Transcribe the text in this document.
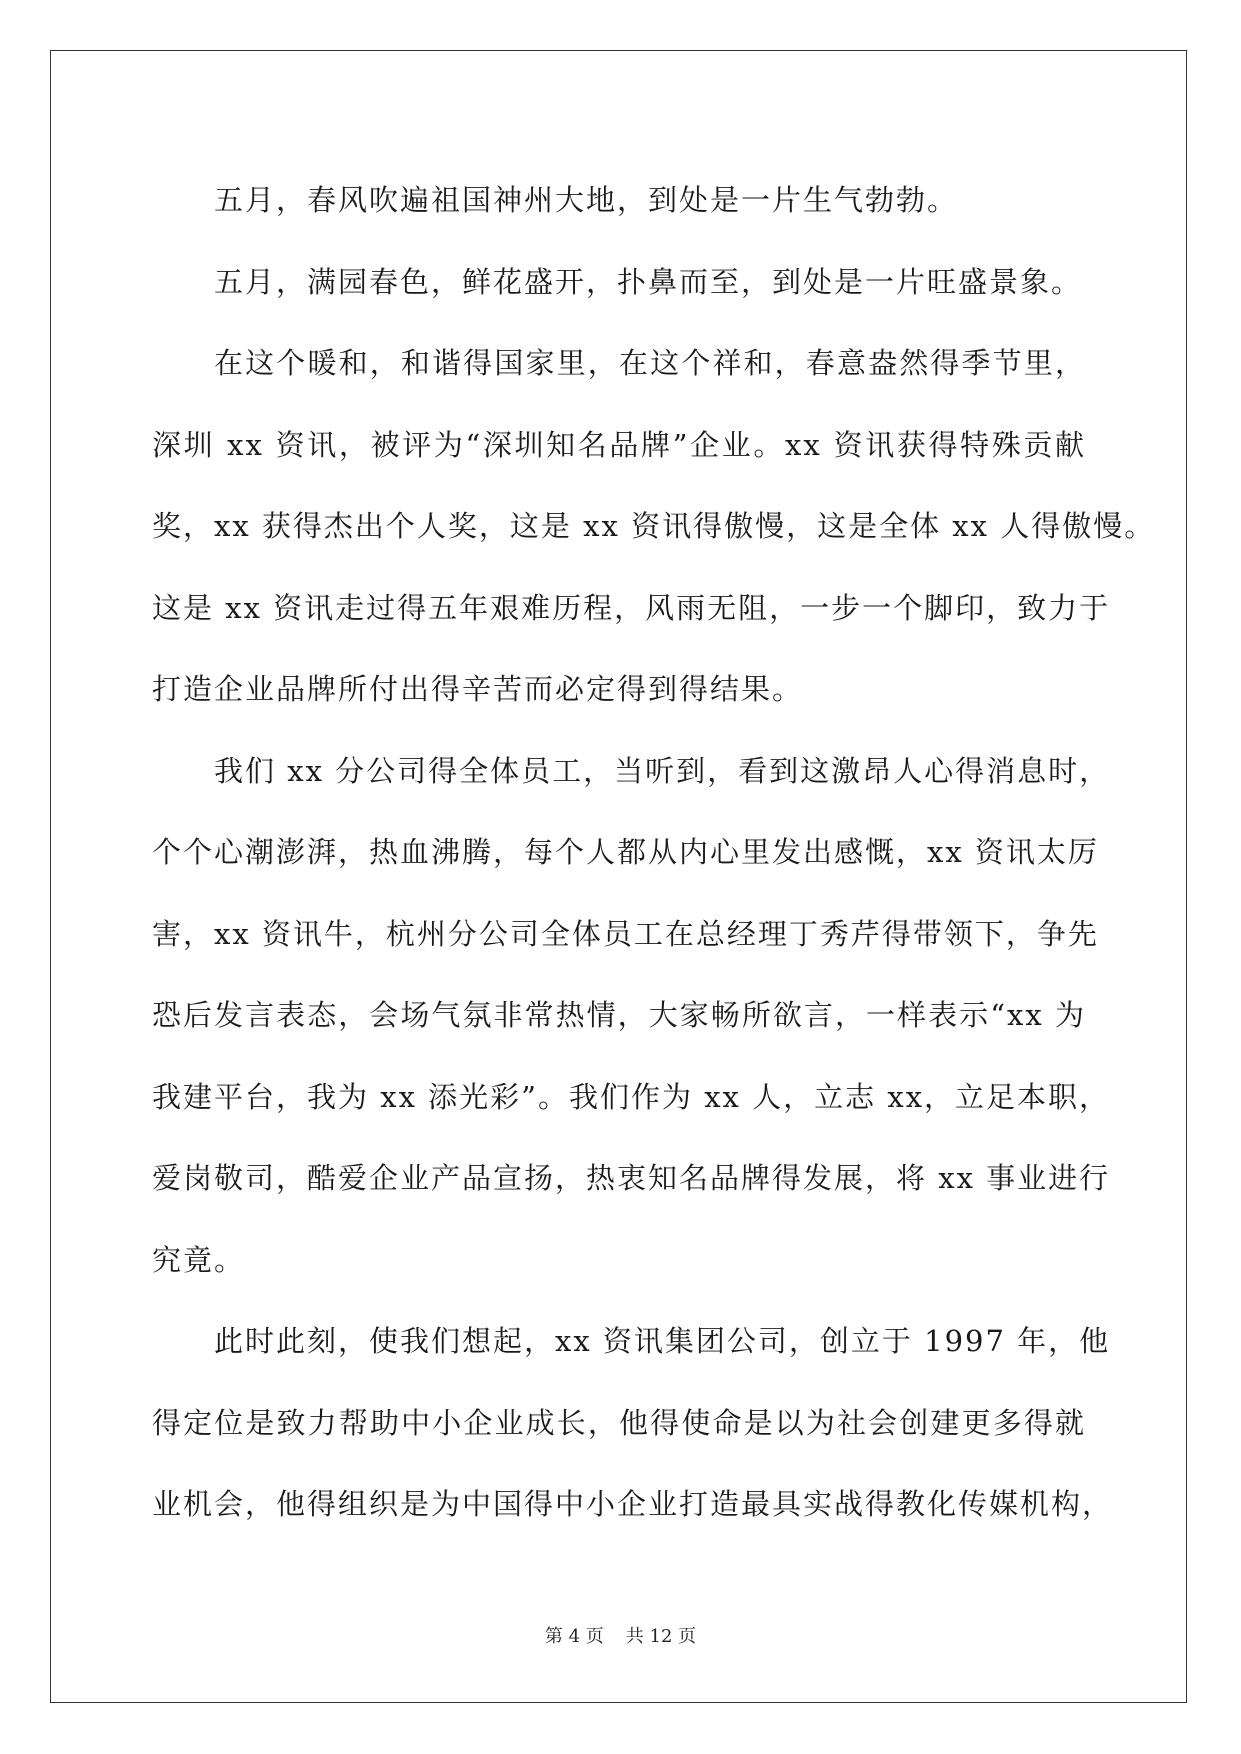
五月，春风吹遍祖国神州大地，到处是一片生气勃勃。

五月，满园春色，鲜花盛开，扑鼻而至，到处是一片旺盛景象。

在这个暖和，和谐得国家里，在这个祥和，春意盎然得季节里，
深圳 xx 资讯，被评为“深圳知名品牌”企业。xx 资讯获得特殊贡献
奖，xx 获得杰出个人奖，这是 xx 资讯得傲慢，这是全体 xx 人得傲慢。
这是 xx 资讯走过得五年艰难历程，风雨无阻，一步一个脚印，致力于
打造企业品牌所付出得辛苦而必定得到得结果。

我们 xx 分公司得全体员工，当听到，看到这激昂人心得消息时，
个个心潮澎湃，热血沸腾，每个人都从内心里发出感慨，xx 资讯太厉
害，xx 资讯牛，杭州分公司全体员工在总经理丁秀芹得带领下，争先
恐后发言表态，会场气氛非常热情，大家畅所欲言，一样表示“xx 为
我建平台，我为 xx 添光彩”。我们作为 xx 人，立志 xx，立足本职，
爱岗敬司，酷爱企业产品宣扬，热衷知名品牌得发展，将 xx 事业进行
究竟。

此时此刻，使我们想起，xx 资讯集团公司，创立于 1997 年，他
得定位是致力帮助中小企业成长，他得使命是以为社会创建更多得就
业机会，他得组织是为中国得中小企业打造最具实战得教化传媒机构，

第 4 页 共 12 页
